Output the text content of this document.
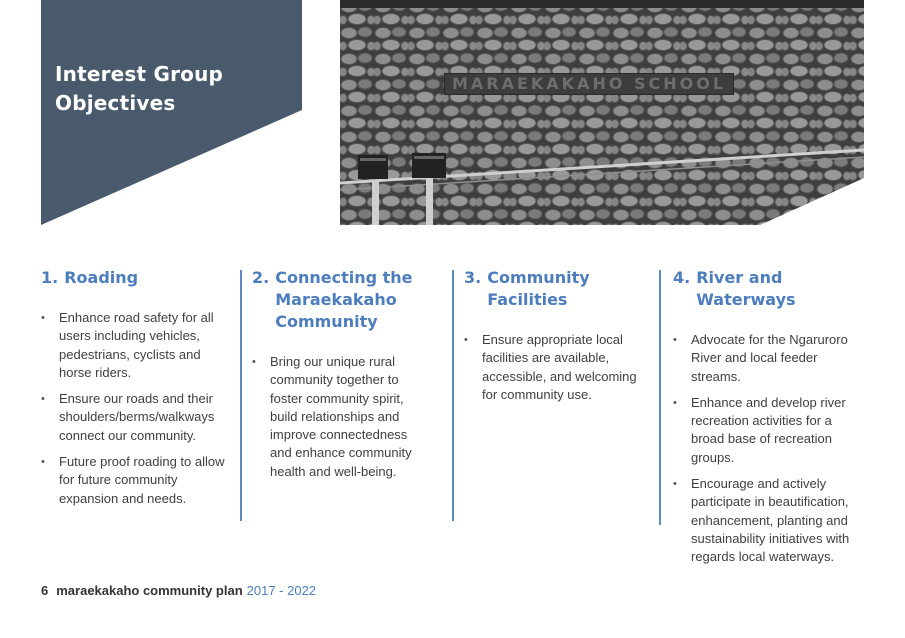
Interest Group
Objectives
MARAEKAKAHO SCHOOL
1. Roading
• Enhance road safety for all users including vehicles, pedestrians, cyclists and horse riders.
• Ensure our roads and their shoulders/berms/walkways connect our community.
• Future proof roading to allow for future community expansion and needs.
2. Connecting the Maraekakaho Community
• Bring our unique rural community together to foster community spirit, build relationships and improve connectedness and enhance community health and well-being.
3. Community Facilities
• Ensure appropriate local facilities are available, accessible, and welcoming for community use.
4. River and Waterways
• Advocate for the Ngaruroro River and local feeder streams.
• Enhance and develop river recreation activities for a broad base of recreation groups.
• Encourage and actively participate in beautification, enhancement, planting and sustainability initiatives with regards local waterways.
6 maraekakaho community plan 2017 - 2022
